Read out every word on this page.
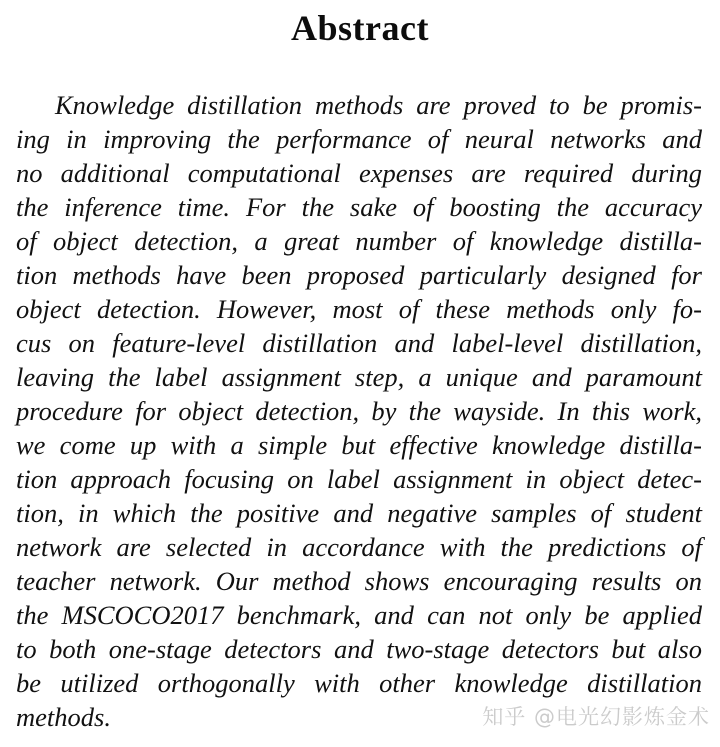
Abstract
Knowledge distillation methods are proved to be promis-
ing in improving the performance of neural networks and
no additional computational expenses are required during
the inference time. For the sake of boosting the accuracy
of object detection, a great number of knowledge distilla-
tion methods have been proposed particularly designed for
object detection. However, most of these methods only fo-
cus on feature-level distillation and label-level distillation,
leaving the label assignment step, a unique and paramount
procedure for object detection, by the wayside. In this work,
we come up with a simple but effective knowledge distilla-
tion approach focusing on label assignment in object detec-
tion, in which the positive and negative samples of student
network are selected in accordance with the predictions of
teacher network. Our method shows encouraging results on
the MSCOCO2017 benchmark, and can not only be applied
to both one-stage detectors and two-stage detectors but also
be utilized orthogonally with other knowledge distillation
methods.	知乎 @电光幻影炼金术
